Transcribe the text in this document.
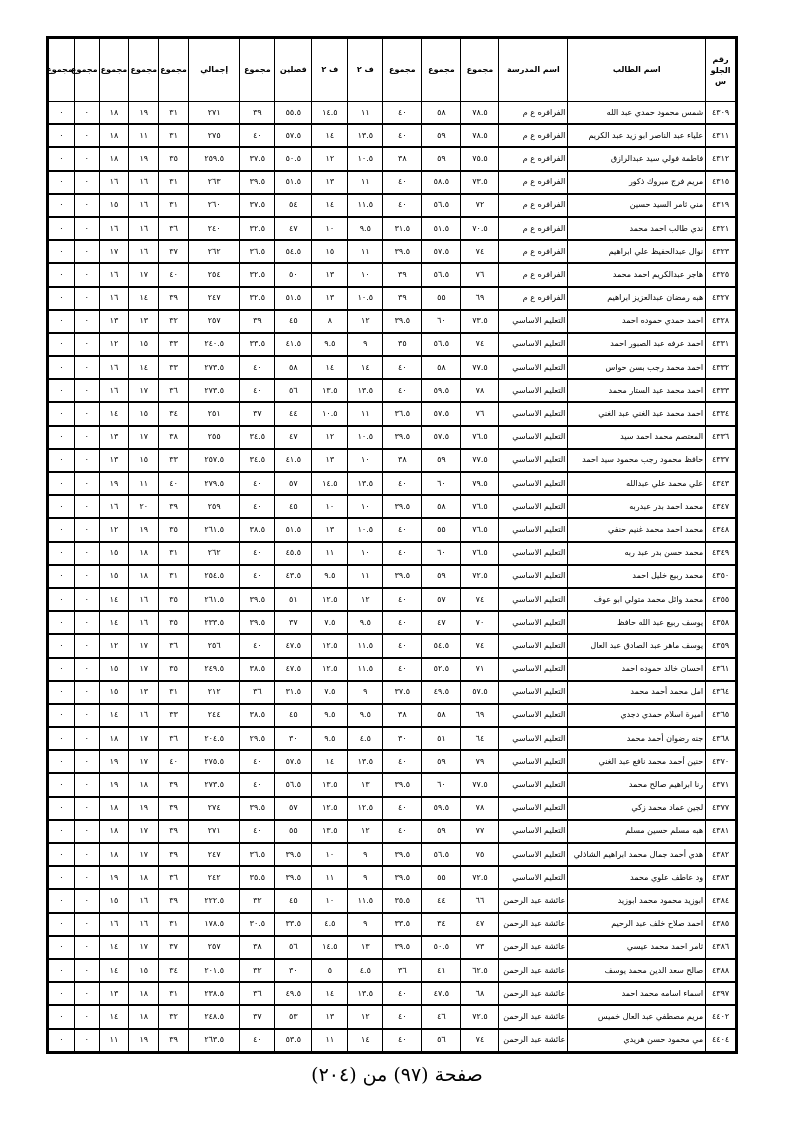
رقم الجلو س	اسم الطالب	اسم المدرسة	مجموع	مجموع	مجموع	ف ٢	ف ٢	فصلين	مجموع	إجمالي	مجموع	مجموع	مجموع	مجموع	مجموع
٤٣٠٩	شمس محمود حمدي عبد الله	الفرافره ع م	٧٨.٥	٥٨	٤٠	١١	١٤.٥	٥٥.٥	٣٩	٢٧١	٣١	١٩	١٨	٠	٠
٤٣١١	علياء عبد الناصر ابو زيد عبد الكريم	الفرافره ع م	٧٨.٥	٥٩	٤٠	١٣.٥	١٤	٥٧.٥	٤٠	٢٧٥	٣١	١١	١٨	٠	٠
٤٣١٢	فاطمة فولي سيد عبدالرازق	الفرافره ع م	٧٥.٥	٥٩	٣٨	١٠.٥	١٢	٥٠.٥	٣٧.٥	٢٥٩.٥	٣٥	١٩	١٨	٠	٠
٤٣١٥	مريم فرج مبروك ذكور	الفرافره ع م	٧٣.٥	٥٨.٥	٤٠	١١	١٣	٥١.٥	٣٩.٥	٢٦٣	٣١	١٦	١٦	٠	٠
٤٣١٩	مني ثامر السيد حسين	الفرافره ع م	٧٢	٥٦.٥	٤٠	١١.٥	١٤	٥٤	٣٧.٥	٢٦٠	٣١	١٦	١٥	٠	٠
٤٣٢١	ندي طالب احمد محمد	الفرافره ع م	٧٠.٥	٥١.٥	٣١.٥	٩.٥	١٠	٤٧	٣٢.٥	٢٤٠	٣٦	١٦	١٦	٠	٠
٤٣٢٣	نوال عبدالحفيظ علي ابراهيم	الفرافره ع م	٧٤	٥٧.٥	٣٩.٥	١١	١٥	٥٤.٥	٣٦.٥	٢٦٢	٣٧	١٦	١٧	٠	٠
٤٣٢٥	هاجر عبدالكريم احمد محمد	الفرافره ع م	٧٦	٥٦.٥	٣٩	١٠	١٣	٥٠	٣٢.٥	٢٥٤	٤٠	١٧	١٦	٠	٠
٤٣٢٧	هبه رمضان عبدالعزيز ابراهيم	الفرافره ع م	٦٩	٥٥	٣٩	١٠.٥	١٣	٥١.٥	٣٢.٥	٢٤٧	٣٩	١٤	١٦	٠	٠
٤٣٢٨	احمد حمدي حموده احمد	التعليم الاساسي	٧٣.٥	٦٠	٣٩.٥	١٢	٨	٤٥	٣٩	٢٥٧	٣٢	١٣	١٣	٠	٠
٤٣٣١	احمد عرفه عبد الصبور احمد	التعليم الاساسي	٧٤	٥٦.٥	٣٥	٩	٩.٥	٤١.٥	٣٣.٥	٢٤٠.٥	٣٣	١٥	١٢	٠	٠
٤٣٣٢	احمد محمد رجب بسن حواس	التعليم الاساسي	٧٧.٥	٥٨	٤٠	١٤	١٤	٥٨	٤٠	٢٧٣.٥	٣٣	١٤	١٦	٠	٠
٤٣٣٣	احمد محمد عبد الستار محمد	التعليم الاساسي	٧٨	٥٩.٥	٤٠	١٣.٥	١٣.٥	٥٦	٤٠	٢٧٣.٥	٣٦	١٧	١٦	٠	٠
٤٣٣٤	احمد محمد عبد الغني عبد الغني	التعليم الاساسي	٧٦	٥٧.٥	٣٦.٥	١١	١٠.٥	٤٤	٣٧	٢٥١	٣٤	١٥	١٤	٠	٠
٤٣٣٦	المعتصم محمد احمد سيد	التعليم الاساسي	٧٦.٥	٥٧.٥	٣٩.٥	١٠.٥	١٢	٤٧	٣٤.٥	٢٥٥	٣٨	١٧	١٣	٠	٠
٤٣٣٧	حافظ محمود رجب محمود سيد احمد	التعليم الاساسي	٧٧.٥	٥٩	٣٨	١٠	١٣	٤١.٥	٣٤.٥	٢٥٧.٥	٣٣	١٥	١٣	٠	٠
٤٣٤٣	علي محمد علي عبدالله	التعليم الاساسي	٧٩.٥	٦٠	٤٠	١٣.٥	١٤.٥	٥٧	٤٠	٢٧٩.٥	٤٠	١١	١٩	٠	٠
٤٣٤٧	محمد احمد بدر عبدربه	التعليم الاساسي	٧٦.٥	٥٨	٣٩.٥	١٠	١٠	٤٥	٤٠	٢٥٩	٣٩	٢٠	١٦	٠	٠
٤٣٤٨	محمد احمد محمد غنيم حنفي	التعليم الاساسي	٧٦.٥	٥٥	٤٠	١٠.٥	١٣	٥١.٥	٣٨.٥	٢٦١.٥	٣٥	١٩	١٢	٠	٠
٤٣٤٩	محمد حسن بدر عبد ربه	التعليم الاساسي	٧٦.٥	٦٠	٤٠	١٠	١١	٤٥.٥	٤٠	٢٦٢	٣١	١٨	١٥	٠	٠
٤٣٥٠	محمد ربيع خليل احمد	التعليم الاساسي	٧٢.٥	٥٩	٣٩.٥	١١	٩.٥	٤٣.٥	٤٠	٢٥٤.٥	٣١	١٨	١٥	٠	٠
٤٣٥٥	محمد وائل محمد متولي ابو عوف	التعليم الاساسي	٧٤	٥٧	٤٠	١٢	١٢.٥	٥١	٣٩.٥	٢٦١.٥	٣٥	١٦	١٤	٠	٠
٤٣٥٨	يوسف ربيع عبد الله حافظ	التعليم الاساسي	٧٠	٤٧	٤٠	٩.٥	٧.٥	٣٧	٣٩.٥	٢٣٣.٥	٣٥	١٦	١٤	٠	٠
٤٣٥٩	يوسف ماهر عبد الصادق عبد العال	التعليم الاساسي	٧٤	٥٤.٥	٤٠	١١.٥	١٢.٥	٤٧.٥	٤٠	٢٥٦	٣٦	١٧	١٢	٠	٠
٤٣٦١	احسان خالد حموده احمد	التعليم الاساسي	٧١	٥٢.٥	٤٠	١١.٥	١٢.٥	٤٧.٥	٣٨.٥	٢٤٩.٥	٣٥	١٧	١٥	٠	٠
٤٣٦٤	امل محمد أحمد محمد	التعليم الاساسي	٥٧.٥	٤٩.٥	٣٧.٥	٩	٧.٥	٣١.٥	٣٦	٢١٢	٣١	١٣	١٥	٠	٠
٤٣٦٥	اميرة اسلام حمدي دجدي	التعليم الاساسي	٦٩	٥٨	٣٨	٩.٥	٩.٥	٤٥	٣٨.٥	٢٤٤	٣٣	١٦	١٤	٠	٠
٤٣٦٨	جنه رضوان أحمد محمد	التعليم الاساسي	٦٤	٥١	٣٠	٤.٥	٩.٥	٣٠	٢٩.٥	٢٠٤.٥	٣٦	١٧	١٨	٠	٠
٤٣٧٠	حنين أحمد محمد نافع عبد الغني	التعليم الاساسي	٧٩	٥٩	٤٠	١٣.٥	١٤	٥٧.٥	٤٠	٢٧٥.٥	٤٠	١٧	١٩	٠	٠
٤٣٧١	رنا ابراهيم صالح محمد	التعليم الاساسي	٧٧.٥	٦٠	٣٩.٥	١٣	١٣.٥	٥٦.٥	٤٠	٢٧٣.٥	٣٩	١٨	١٩	٠	٠
٤٣٧٧	لجين عماد محمد زكي	التعليم الاساسي	٧٨	٥٩.٥	٤٠	١٢.٥	١٢.٥	٥٧	٣٩.٥	٢٧٤	٣٩	١٩	١٨	٠	٠
٤٣٨١	هبه مسلم حسين مسلم	التعليم الاساسي	٧٧	٥٩	٤٠	١٢	١٣.٥	٥٥	٤٠	٢٧١	٣٩	١٧	١٨	٠	٠
٤٣٨٢	هدي أحمد جمال محمد ابراهيم الشاذلي	التعليم الاساسي	٧٥	٥٦.٥	٣٩.٥	٩	١٠	٣٩.٥	٣٦.٥	٢٤٧	٣٩	١٧	١٨	٠	٠
٤٣٨٣	ود عاطف علوي محمد	التعليم الاساسي	٧٢.٥	٥٥	٣٩.٥	٩	١١	٣٩.٥	٣٥.٥	٢٤٢	٣٦	١٨	١٩	٠	٠
٤٣٨٤	ابوزيد محمود محمد ابوزيد	عائشة عبد الرحمن	٦٦	٤٤	٣٥.٥	١١.٥	١٠	٤٥	٣٢	٢٢٢.٥	٣٩	١٦	١٥	٠	٠
٤٣٨٥	احمد صلاح خلف عبد الرحيم	عائشة عبد الرحمن	٤٧	٣٤	٣٣.٥	٩	٤.٥	٣٣.٥	٣٠.٥	١٧٨.٥	٣١	١٦	١٦	٠	٠
٤٣٨٦	ثامر احمد محمد عيسي	عائشة عبد الرحمن	٧٣	٥٠.٥	٣٩.٥	١٣	١٤.٥	٥٦	٣٨	٢٥٧	٣٧	١٧	١٤	٠	٠
٤٣٨٨	صالح سعد الدين محمد يوسف	عائشة عبد الرحمن	٦٢.٥	٤١	٣٦	٤.٥	٥	٣٠	٣٢	٢٠١.٥	٣٤	١٥	١٤	٠	٠
٤٣٩٧	اسماء اسامه محمد احمد	عائشة عبد الرحمن	٦٨	٤٧.٥	٤٠	١٣.٥	١٤	٤٩.٥	٣٦	٢٣٨.٥	٣١	١٨	١٣	٠	٠
٤٤٠٢	مريم مصطفي عبد العال خميس	عائشة عبد الرحمن	٧٢.٥	٤٦	٤٠	١٢	١٣	٥٣	٣٧	٢٤٨.٥	٣٢	١٨	١٤	٠	٠
٤٤٠٤	مي محمود حسن هريدي	عائشة عبد الرحمن	٧٤	٥٦	٤٠	١٤	١١	٥٣.٥	٤٠	٢٦٣.٥	٣٩	١٩	١١	٠	٠
صفحة (٩٧) من (٢٠٤)
